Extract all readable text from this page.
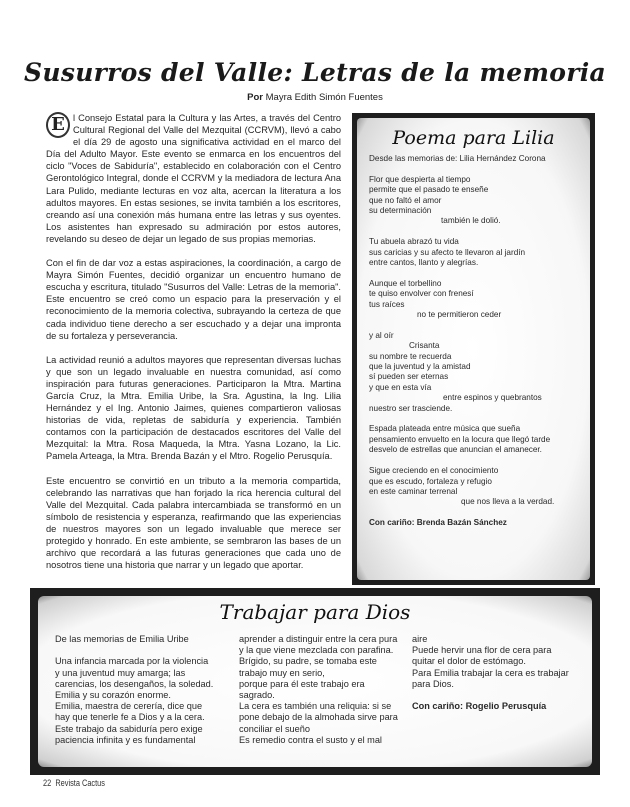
Susurros del Valle: Letras de la memoria
Por Mayra Edith Simón Fuentes

E l Consejo Estatal para la Cultura y las Artes, a través del Centro Cultural Regional del Valle del Mezquital (CCRVM), llevó a cabo el día 29 de agosto una significativa actividad en el marco del Día del Adulto Mayor. Este evento se enmarca en los encuentros del ciclo "Voces de Sabiduría", establecido en colaboración con el Centro Gerontológico Integral, donde el CCRVM y la mediadora de lectura Ana Lara Pulido, mediante lecturas en voz alta, acercan la literatura a los adultos mayores. En estas sesiones, se invita también a los escritores, creando así una conexión más humana entre las letras y sus oyentes. Los asistentes han expresado su admiración por estos autores, revelando su deseo de dejar un legado de sus propias memorias.

Con el fin de dar voz a estas aspiraciones, la coordinación, a cargo de Mayra Simón Fuentes, decidió organizar un encuentro humano de escucha y escritura, titulado "Susurros del Valle: Letras de la memoria". Este encuentro se creó como un espacio para la preservación y el reconocimiento de la memoria colectiva, subrayando la certeza de que cada individuo tiene derecho a ser escuchado y a dejar una impronta de su fortaleza y perseverancia.

La actividad reunió a adultos mayores que representan diversas luchas y que son un legado invaluable en nuestra comunidad, así como inspiración para futuras generaciones. Participaron la Mtra. Martina García Cruz, la Mtra. Emilia Uribe, la Sra. Agustina, la Ing. Lilia Hernández y el Ing. Antonio Jaimes, quienes compartieron valiosas historias de vida, repletas de sabiduría y experiencia. También contamos con la participación de destacados escritores del Valle del Mezquital: la Mtra. Rosa Maqueda, la Mtra. Yasna Lozano, la Lic. Pamela Arteaga, la Mtra. Brenda Bazán y el Mtro. Rogelio Perusquía.

Este encuentro se convirtió en un tributo a la memoria compartida, celebrando las narrativas que han forjado la rica herencia cultural del Valle del Mezquital. Cada palabra intercambiada se transformó en un símbolo de resistencia y esperanza, reafirmando que las experiencias de nuestros mayores son un legado invaluable que merece ser protegido y honrado. En este ambiente, se sembraron las bases de un archivo que recordará a las futuras generaciones que cada uno de nosotros tiene una historia que narrar y un legado que aportar.

Poema para Lilia
Desde las memorias de: Lilia Hernández Corona
Flor que despierta al tiempo
permite que el pasado te enseñe
que no faltó el amor
su determinación
también le dolió.
Tu abuela abrazó tu vida
sus caricias y su afecto te llevaron al jardín
entre cantos, llanto y alegrías.
Aunque el torbellino
te quiso envolver con frenesí
tus raíces
no te permitieron ceder
y al oír
Crisanta
su nombre te recuerda
que la juventud y la amistad
sí pueden ser eternas
y que en esta vía
entre espinos y quebrantos
nuestro ser trasciende.
Espada plateada entre música que sueña
pensamiento envuelto en la locura que llegó tarde
desvelo de estrellas que anuncian el amanecer.
Sigue creciendo en el conocimiento
que es escudo, fortaleza y refugio
en este caminar terrenal
que nos lleva a la verdad.
Con cariño: Brenda Bazán Sánchez
Trabajar para Dios
De las memorias de Emilia Uribe
Una infancia marcada por la violencia
y una juventud muy amarga; las
carencias, los desengaños, la soledad.
Emilia y su corazón enorme.
Emilia, maestra de cerería, dice que
hay que tenerle fe a Dios y a la cera.
Este trabajo da sabiduría pero exige
paciencia infinita y es fundamental
aprender a distinguir entre la cera pura
y la que viene mezclada con parafina.
Brígido, su padre, se tomaba este
trabajo muy en serio,
porque para él este trabajo era
sagrado.
La cera es también una reliquia: si se
pone debajo de la almohada sirve para
conciliar el sueño
Es remedio contra el susto y el mal
aire
Puede hervir una flor de cera para
quitar el dolor de estómago.
Para Emilia trabajar la cera es trabajar
para Dios.
Con cariño: Rogelio Perusquía
22 Revista Cactus
